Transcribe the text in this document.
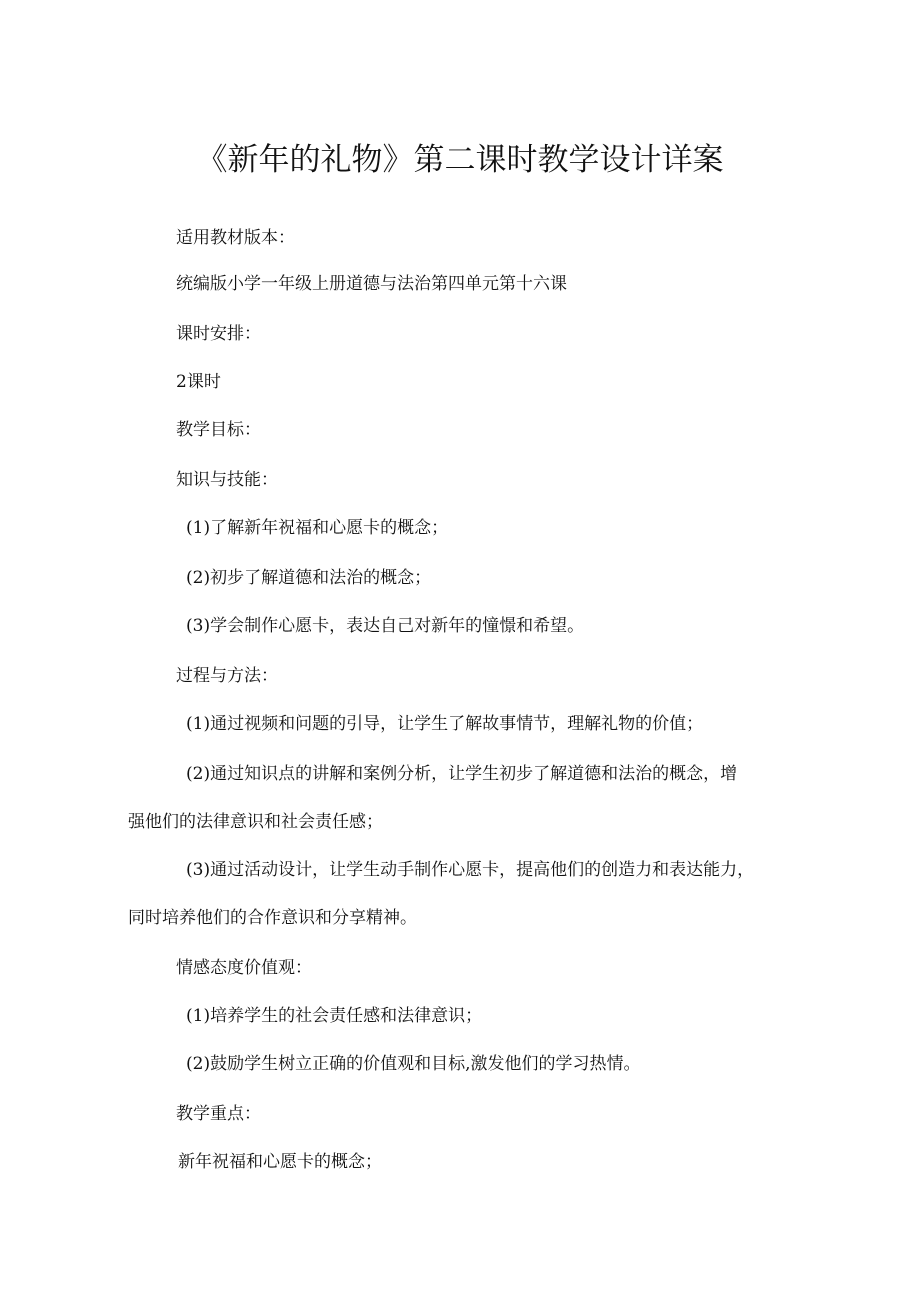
《新年的礼物》第二课时教学设计详案
适用教材版本：
统编版小学一年级上册道德与法治第四单元第十六课
课时安排：
2课时
教学目标：
知识与技能：
(1)了解新年祝福和心愿卡的概念；
(2)初步了解道德和法治的概念；
(3)学会制作心愿卡，表达自己对新年的憧憬和希望。
过程与方法：
(1)通过视频和问题的引导，让学生了解故事情节，理解礼物的价值；
(2)通过知识点的讲解和案例分析，让学生初步了解道德和法治的概念，增
强他们的法律意识和社会责任感；
(3)通过活动设计，让学生动手制作心愿卡，提高他们的创造力和表达能力，
同时培养他们的合作意识和分享精神。
情感态度价值观：
(1)培养学生的社会责任感和法律意识；
(2)鼓励学生树立正确的价值观和目标,激发他们的学习热情。
教学重点：
新年祝福和心愿卡的概念；
